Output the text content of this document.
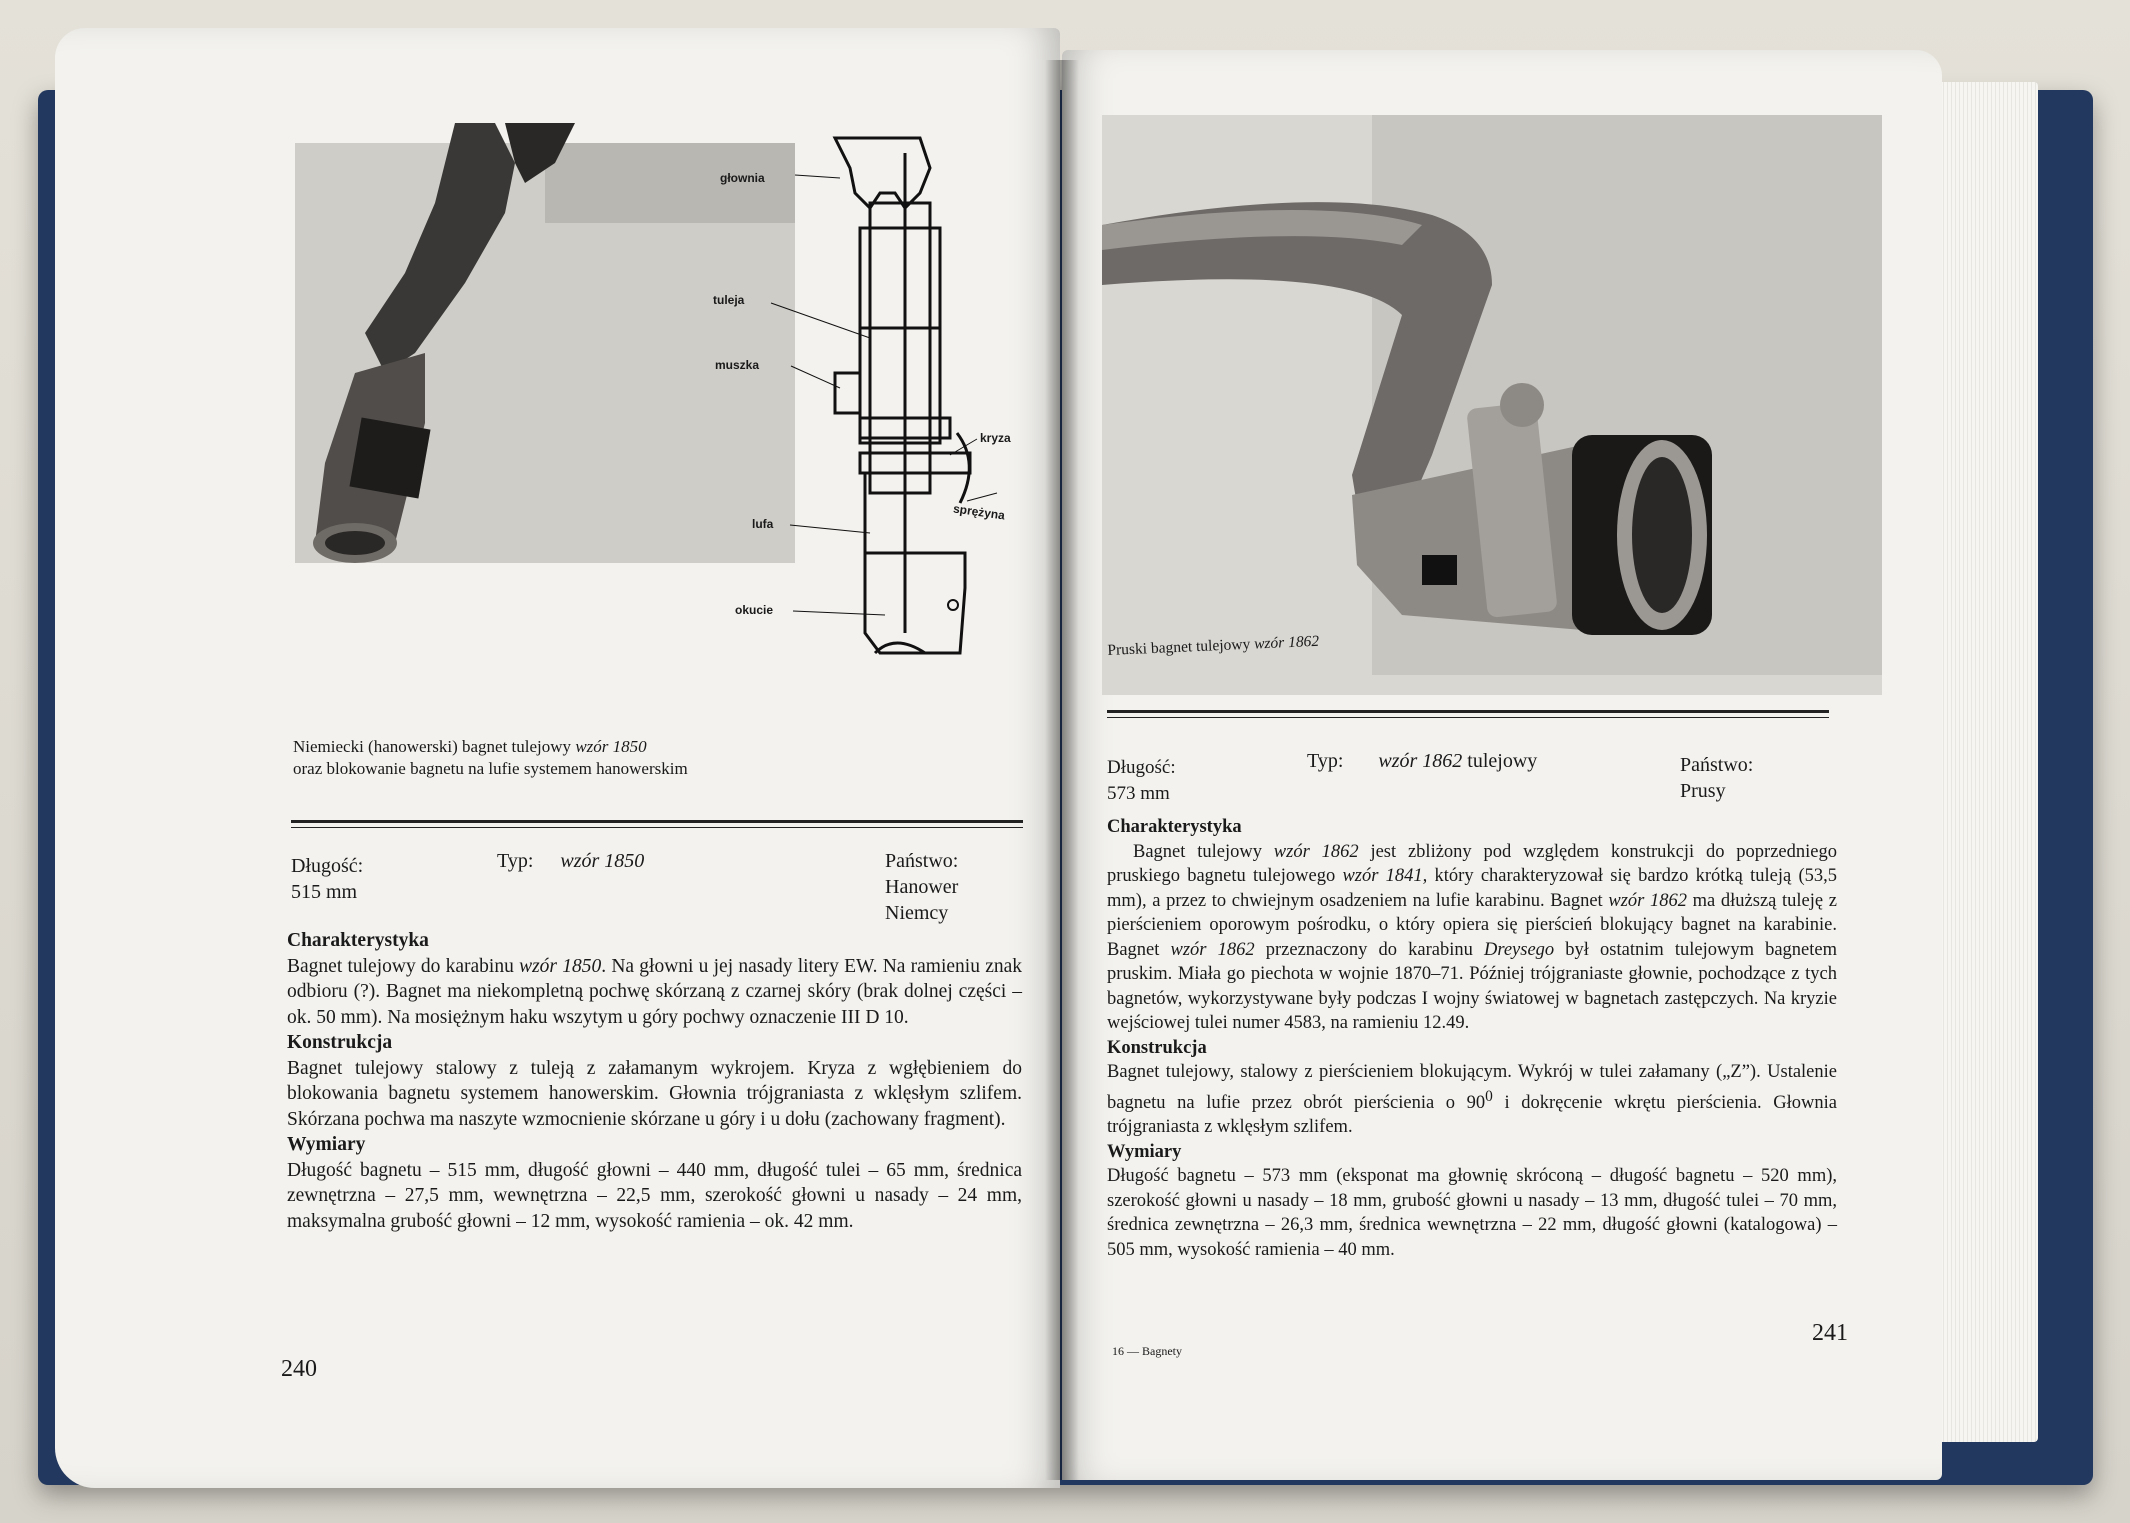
głownia
tuleja
muszka
kryza
sprężyna
lufa
okucie
Niemiecki (hanowerski) bagnet tulejowy wzór 1850
oraz blokowanie bagnetu na lufie systemem hanowerskim
Długość:
515 mm
Typ: wzór 1850	Państwo:
Hanower
Niemcy
Charakterystyka
Bagnet tulejowy do karabinu wzór 1850. Na głowni u jej nasady litery EW. Na ramieniu znak odbioru (?). Bagnet ma niekompletną pochwę skórzaną z czarnej skóry (brak dolnej części – ok. 50 mm). Na mosiężnym haku wszytym u góry pochwy oznaczenie III D 10.
Konstrukcja
Bagnet tulejowy stalowy z tuleją z załamanym wykrojem. Kryza z wgłębieniem do blokowania bagnetu systemem hanowerskim. Głownia trójgraniasta z wklęsłym szlifem. Skórzana pochwa ma naszyte wzmocnienie skórzane u góry i u dołu (zachowany fragment).
Wymiary
Długość bagnetu – 515 mm, długość głowni – 440 mm, długość tulei – 65 mm, średnica zewnętrzna – 27,5 mm, wewnętrzna – 22,5 mm, szerokość głowni u nasady – 24 mm, maksymalna grubość głowni – 12 mm, wysokość ramienia – ok. 42 mm.
240
Pruski bagnet tulejowy wzór 1862
Długość:
573 mm
Typ: wzór 1862 tulejowy	Państwo:
Prusy
Charakterystyka
Bagnet tulejowy wzór 1862 jest zbliżony pod względem konstrukcji do poprzedniego pruskiego bagnetu tulejowego wzór 1841, który charakteryzował się bardzo krótką tuleją (53,5 mm), a przez to chwiejnym osadzeniem na lufie karabinu. Bagnet wzór 1862 ma dłuższą tuleję z pierścieniem oporowym pośrodku, o który opiera się pierścień blokujący bagnet na karabinie. Bagnet wzór 1862 przeznaczony do karabinu Dreysego był ostatnim tulejowym bagnetem pruskim. Miała go piechota w wojnie 1870–71. Później trójgraniaste głownie, pochodzące z tych bagnetów, wykorzystywane były podczas I wojny światowej w bagnetach zastępczych. Na kryzie wejściowej tulei numer 4583, na ramieniu 12.49.
Konstrukcja
Bagnet tulejowy, stalowy z pierścieniem blokującym. Wykrój w tulei załamany („Z”). Ustalenie bagnetu na lufie przez obrót pierścienia o $90^0$ i dokręcenie wkrętu pierścienia. Głownia trójgraniasta z wklęsłym szlifem.
Wymiary
Długość bagnetu – 573 mm (eksponat ma głownię skróconą – długość bagnetu – 520 mm), szerokość głowni u nasady – 18 mm, grubość głowni u nasady – 13 mm, długość tulei – 70 mm, średnica zewnętrzna – 26,3 mm, średnica wewnętrzna – 22 mm, długość głowni (katalogowa) – 505 mm, wysokość ramienia – 40 mm.
16 — Bagnety
241
